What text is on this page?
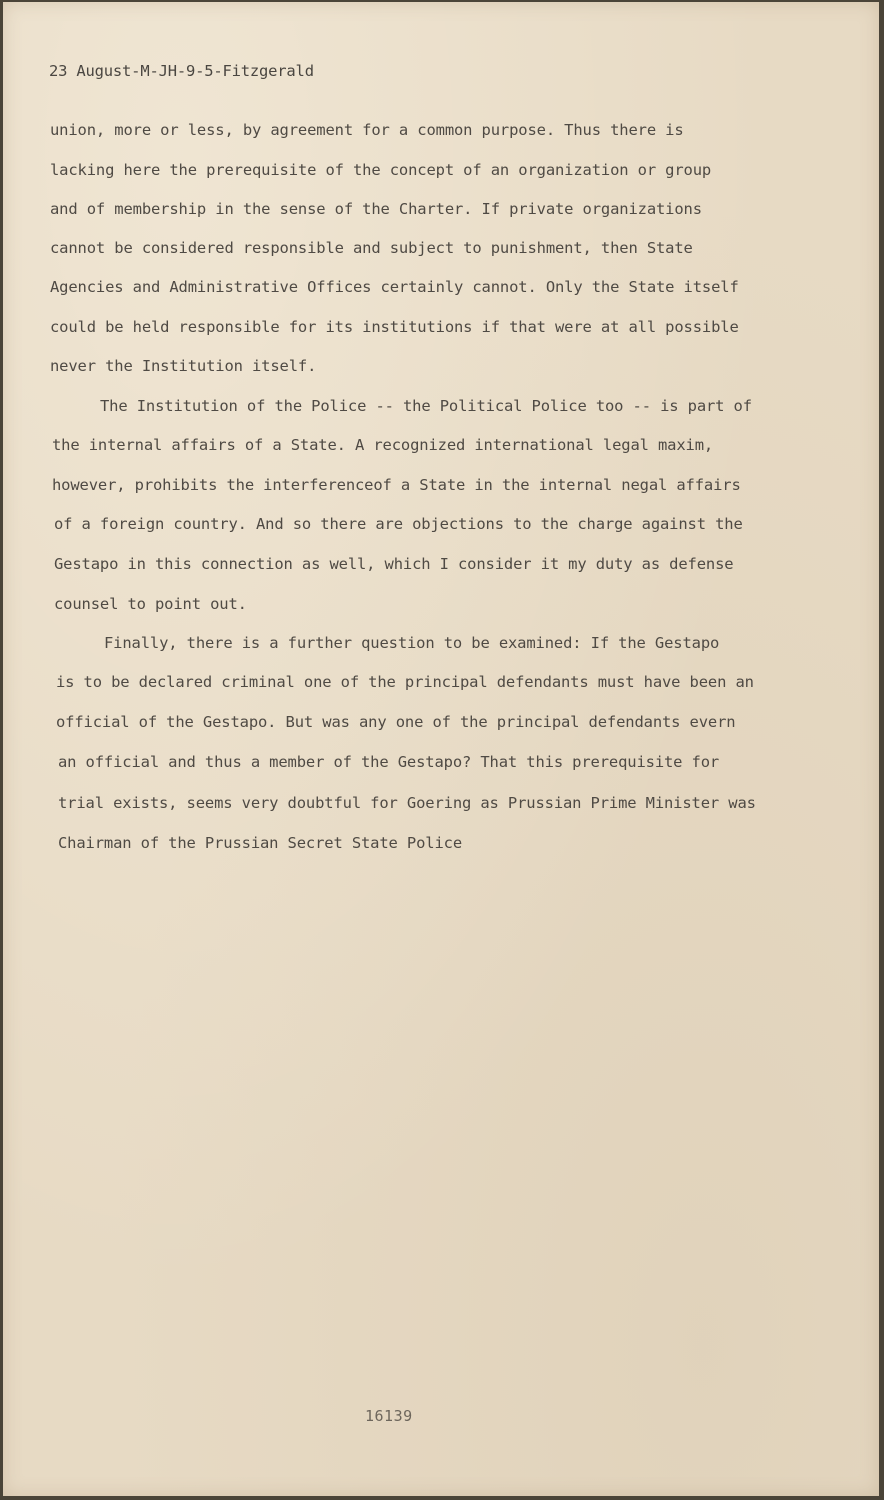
23 August-M-JH-9-5-Fitzgerald
union, more or less, by agreement for a common purpose. Thus there is
lacking here the prerequisite of the concept of an organization or group
and of membership in the sense of the Charter. If private organizations
cannot be considered responsible and subject to punishment, then State
Agencies and Administrative Offices certainly cannot. Only the State itself
could be held responsible for its institutions if that were at all possible
never the Institution itself.
The Institution of the Police -- the Political Police too -- is part of
the internal affairs of a State. A recognized international legal maxim,
however, prohibits the interferenceof a State in the internal negal affairs
of a foreign country. And so there are objections to the charge against the
Gestapo in this connection as well, which I consider it my duty as defense
counsel to point out.
Finally, there is a further question to be examined: If the Gestapo
is to be declared criminal one of the principal defendants must have been an
official of the Gestapo. But was any one of the principal defendants evern
an official and thus a member of the Gestapo? That this prerequisite for
trial exists, seems very doubtful for Goering as Prussian Prime Minister was
Chairman of the Prussian Secret State Police
16139
